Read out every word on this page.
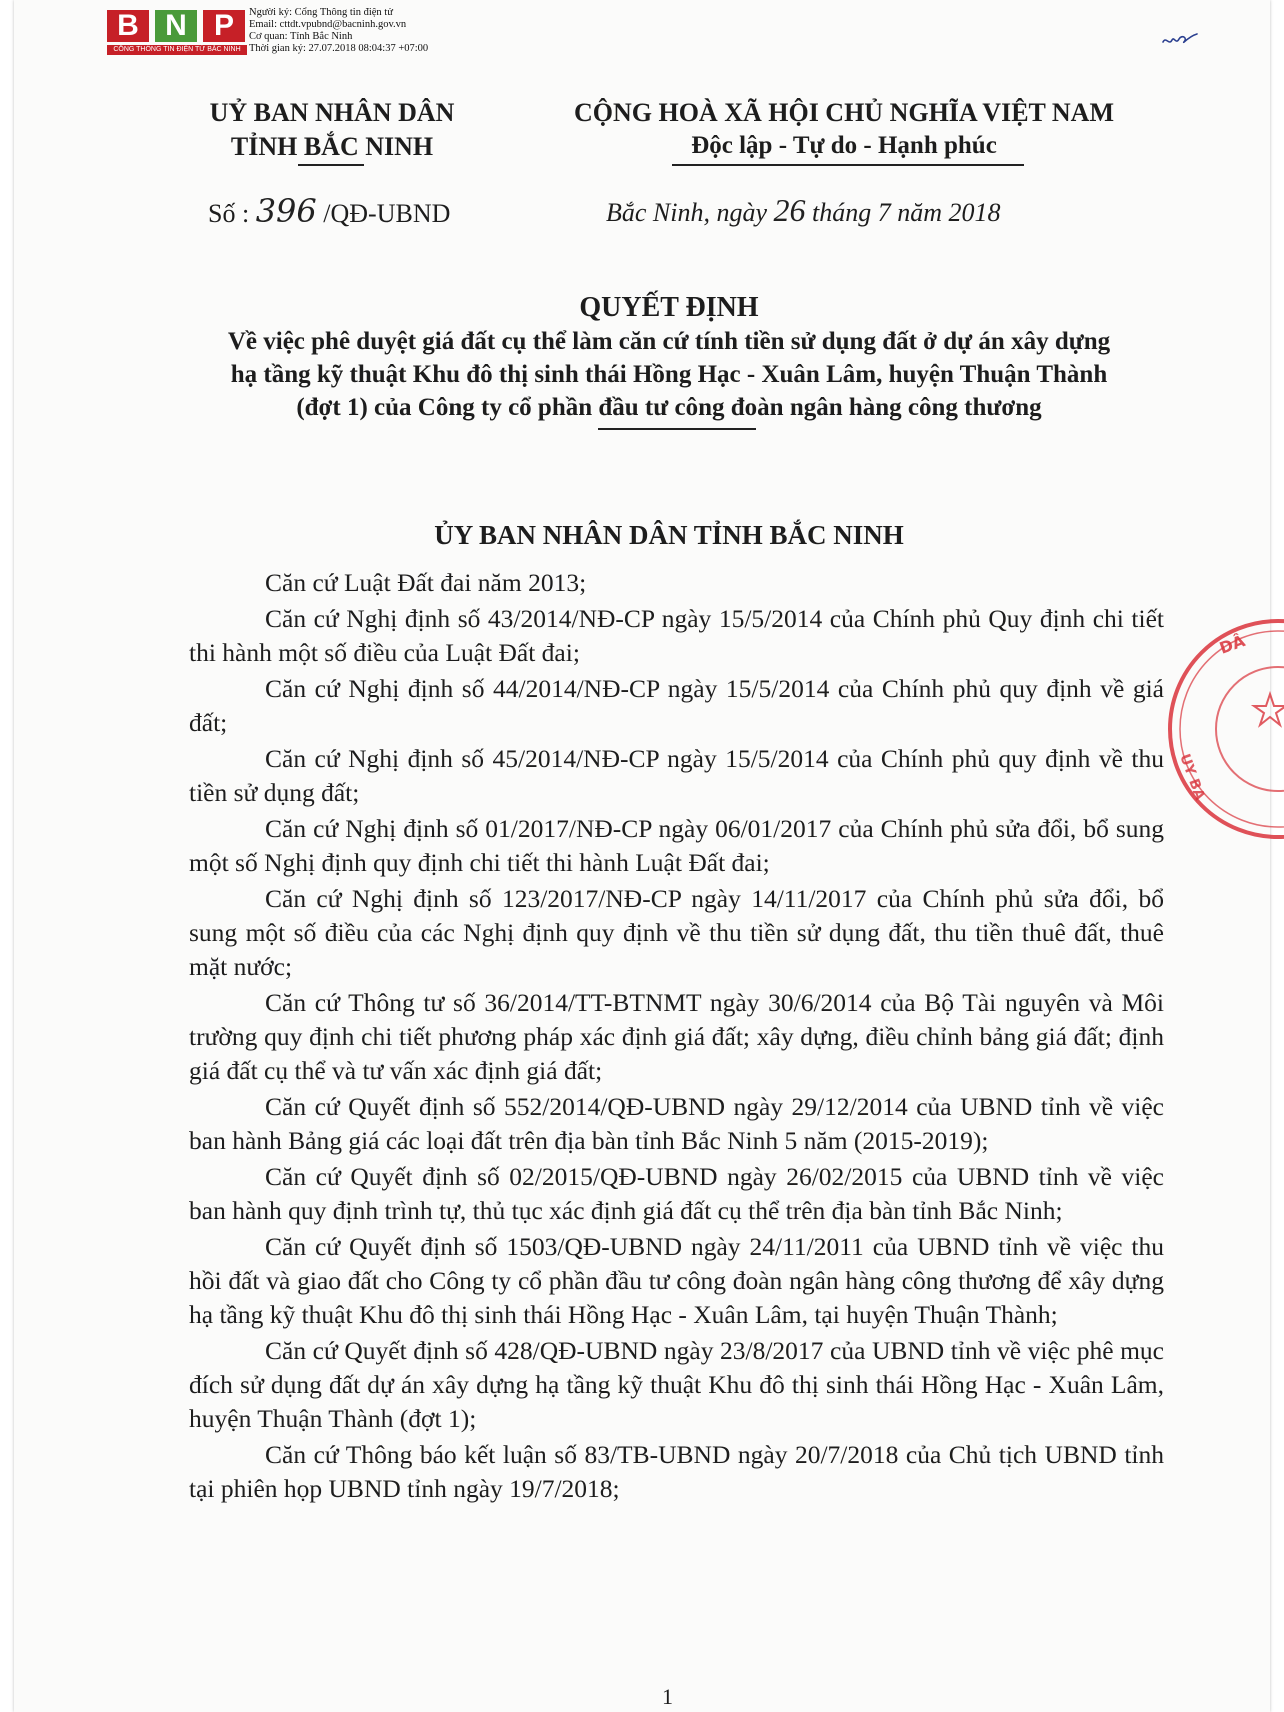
B N P
CỔNG THÔNG TIN ĐIỆN TỬ BẮC NINH
Người ký: Cổng Thông tin điện tử
Email: cttdt.vpubnd@bacninh.gov.vn
Cơ quan: Tỉnh Bắc Ninh
Thời gian ký: 27.07.2018 08:04:37 +07:00
UỶ BAN NHÂN DÂN
TỈNH BẮC NINH
CỘNG HOÀ XÃ HỘI CHỦ NGHĨA VIỆT NAM
Độc lập - Tự do - Hạnh phúc
Số : 396 /QĐ-UBND	Bắc Ninh, ngày 26 tháng 7 năm 2018
QUYẾT ĐỊNH
Về việc phê duyệt giá đất cụ thể làm căn cứ tính tiền sử dụng đất ở dự án xây dựng
hạ tầng kỹ thuật Khu đô thị sinh thái Hồng Hạc - Xuân Lâm, huyện Thuận Thành
(đợt 1) của Công ty cổ phần đầu tư công đoàn ngân hàng công thương
ỦY BAN NHÂN DÂN TỈNH BẮC NINH

Căn cứ Luật Đất đai năm 2013;

Căn cứ Nghị định số 43/2014/NĐ-CP ngày 15/5/2014 của Chính phủ Quy định chi tiết thi hành một số điều của Luật Đất đai;

Căn cứ Nghị định số 44/2014/NĐ-CP ngày 15/5/2014 của Chính phủ quy định về giá đất;

Căn cứ Nghị định số 45/2014/NĐ-CP ngày 15/5/2014 của Chính phủ quy định về thu tiền sử dụng đất;

Căn cứ Nghị định số 01/2017/NĐ-CP ngày 06/01/2017 của Chính phủ sửa đổi, bổ sung một số Nghị định quy định chi tiết thi hành Luật Đất đai;

Căn cứ Nghị định số 123/2017/NĐ-CP ngày 14/11/2017 của Chính phủ sửa đổi, bổ sung một số điều của các Nghị định quy định về thu tiền sử dụng đất, thu tiền thuê đất, thuê mặt nước;

Căn cứ Thông tư số 36/2014/TT-BTNMT ngày 30/6/2014 của Bộ Tài nguyên và Môi trường quy định chi tiết phương pháp xác định giá đất; xây dựng, điều chỉnh bảng giá đất; định giá đất cụ thể và tư vấn xác định giá đất;

Căn cứ Quyết định số 552/2014/QĐ-UBND ngày 29/12/2014 của UBND tỉnh về việc ban hành Bảng giá các loại đất trên địa bàn tỉnh Bắc Ninh 5 năm (2015-2019);

Căn cứ Quyết định số 02/2015/QĐ-UBND ngày 26/02/2015 của UBND tỉnh về việc ban hành quy định trình tự, thủ tục xác định giá đất cụ thể trên địa bàn tỉnh Bắc Ninh;

Căn cứ Quyết định số 1503/QĐ-UBND ngày 24/11/2011 của UBND tỉnh về việc thu hồi đất và giao đất cho Công ty cổ phần đầu tư công đoàn ngân hàng công thương để xây dựng hạ tầng kỹ thuật Khu đô thị sinh thái Hồng Hạc - Xuân Lâm, tại huyện Thuận Thành;

Căn cứ Quyết định số 428/QĐ-UBND ngày 23/8/2017 của UBND tỉnh về việc phê mục đích sử dụng đất dự án xây dựng hạ tầng kỹ thuật Khu đô thị sinh thái Hồng Hạc - Xuân Lâm, huyện Thuận Thành (đợt 1);

Căn cứ Thông báo kết luận số 83/TB-UBND ngày 20/7/2018 của Chủ tịch UBND tỉnh tại phiên họp UBND tỉnh ngày 19/7/2018;

1
DÂ
UY BA
